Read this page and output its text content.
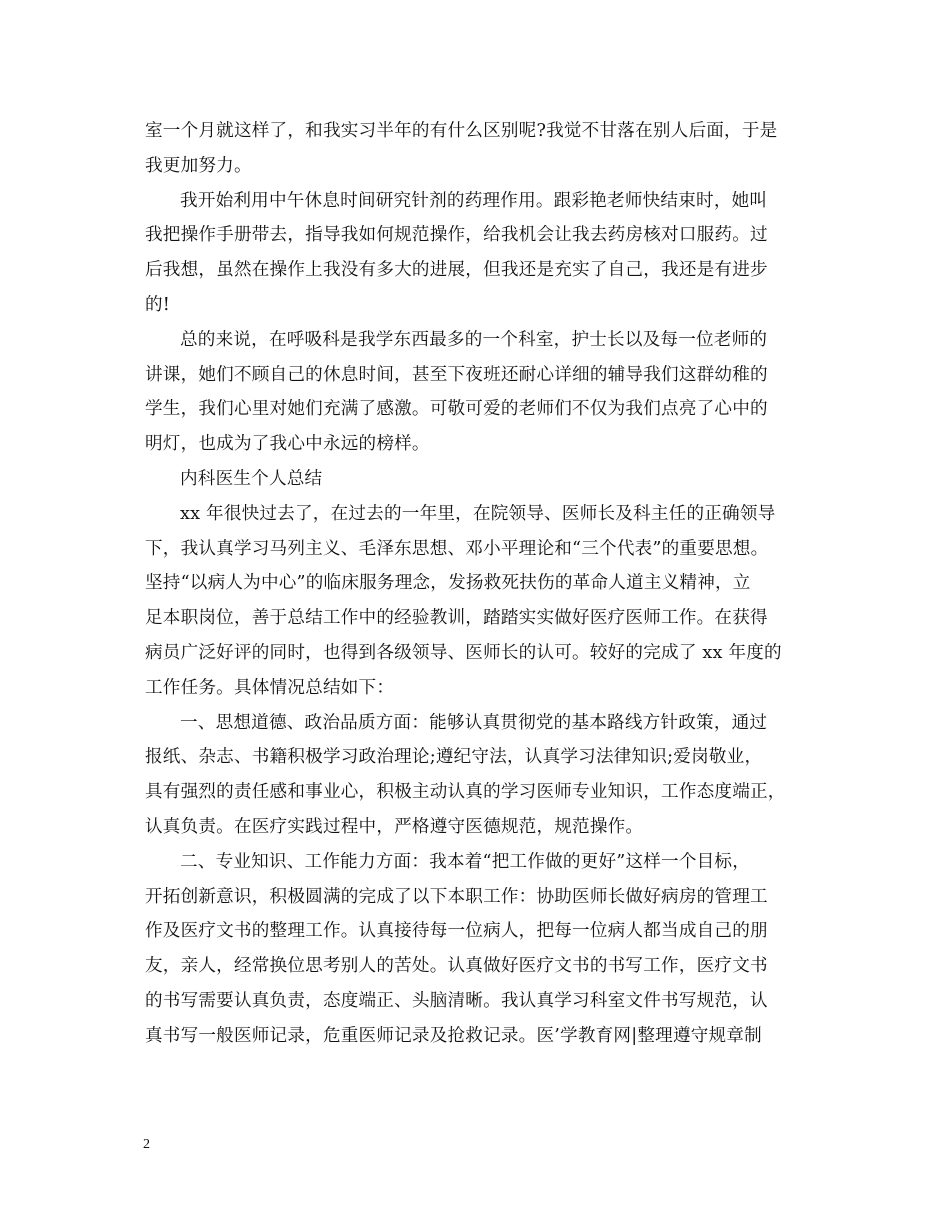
室一个月就这样了，和我实习半年的有什么区别呢?我觉不甘落在别人后面，于是
我更加努力。
我开始利用中午休息时间研究针剂的药理作用。跟彩艳老师快结束时，她叫
我把操作手册带去，指导我如何规范操作，给我机会让我去药房核对口服药。过
后我想，虽然在操作上我没有多大的进展，但我还是充实了自己，我还是有进步
的!
总的来说，在呼吸科是我学东西最多的一个科室，护士长以及每一位老师的
讲课，她们不顾自己的休息时间，甚至下夜班还耐心详细的辅导我们这群幼稚的
学生，我们心里对她们充满了感激。可敬可爱的老师们不仅为我们点亮了心中的
明灯，也成为了我心中永远的榜样。
内科医生个人总结
xx 年很快过去了，在过去的一年里，在院领导、医师长及科主任的正确领导
下，我认真学习马列主义、毛泽东思想、邓小平理论和“三个代表”的重要思想。
坚持“以病人为中心”的临床服务理念，发扬救死扶伤的革命人道主义精神，立
足本职岗位，善于总结工作中的经验教训，踏踏实实做好医疗医师工作。在获得
病员广泛好评的同时，也得到各级领导、医师长的认可。较好的完成了 xx 年度的
工作任务。具体情况总结如下：
一、思想道德、政治品质方面：能够认真贯彻党的基本路线方针政策，通过
报纸、杂志、书籍积极学习政治理论;遵纪守法，认真学习法律知识;爱岗敬业，
具有强烈的责任感和事业心，积极主动认真的学习医师专业知识，工作态度端正，
认真负责。在医疗实践过程中，严格遵守医德规范，规范操作。
二、专业知识、工作能力方面：我本着“把工作做的更好”这样一个目标，
开拓创新意识，积极圆满的完成了以下本职工作：协助医师长做好病房的管理工
作及医疗文书的整理工作。认真接待每一位病人，把每一位病人都当成自己的朋
友，亲人，经常换位思考别人的苦处。认真做好医疗文书的书写工作，医疗文书
的书写需要认真负责，态度端正、头脑清晰。我认真学习科室文件书写规范，认
真书写一般医师记录，危重医师记录及抢救记录。医’学教育网|整理遵守规章制
2
